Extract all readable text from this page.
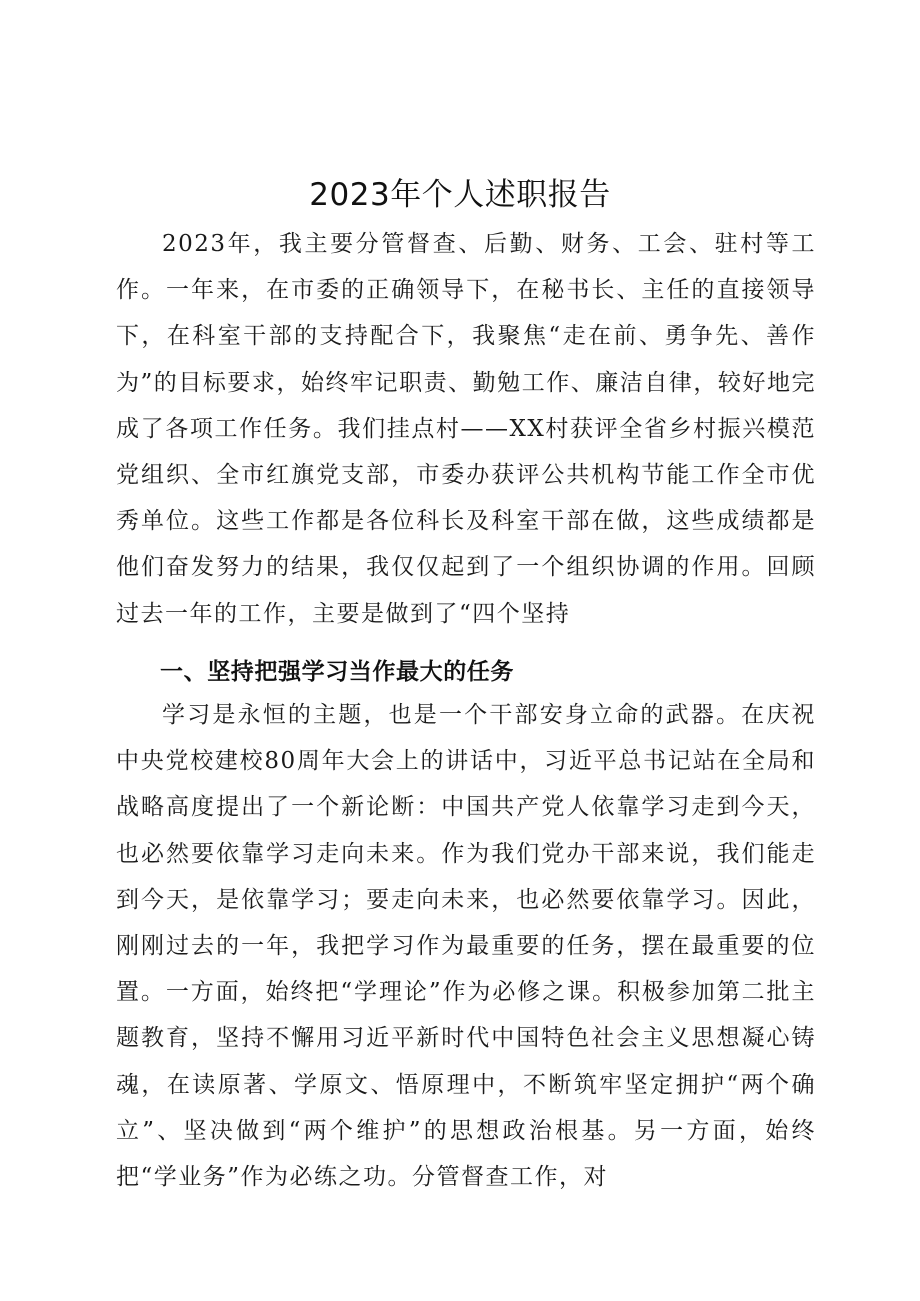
2023年个人述职报告

2023年，我主要分管督查、后勤、财务、工会、驻村等工作。一年来，在市委的正确领导下，在秘书长、主任的直接领导下，在科室干部的支持配合下，我聚焦“走在前、勇争先、善作为”的目标要求，始终牢记职责、勤勉工作、廉洁自律，较好地完成了各项工作任务。我们挂点村——XX村获评全省乡村振兴模范党组织、全市红旗党支部，市委办获评公共机构节能工作全市优秀单位。这些工作都是各位科长及科室干部在做，这些成绩都是他们奋发努力的结果，我仅仅起到了一个组织协调的作用。回顾过去一年的工作，主要是做到了“四个坚持

一、坚持把强学习当作最大的任务

学习是永恒的主题，也是一个干部安身立命的武器。在庆祝中央党校建校80周年大会上的讲话中，习近平总书记站在全局和战略高度提出了一个新论断：中国共产党人依靠学习走到今天，也必然要依靠学习走向未来。作为我们党办干部来说，我们能走到今天，是依靠学习；要走向未来，也必然要依靠学习。因此，刚刚过去的一年，我把学习作为最重要的任务，摆在最重要的位置。一方面，始终把“学理论”作为必修之课。积极参加第二批主题教育，坚持不懈用习近平新时代中国特色社会主义思想凝心铸魂，在读原著、学原文、悟原理中，不断筑牢坚定拥护“两个确立”、坚决做到“两个维护”的思想政治根基。另一方面，始终把“学业务”作为必练之功。分管督查工作，对
